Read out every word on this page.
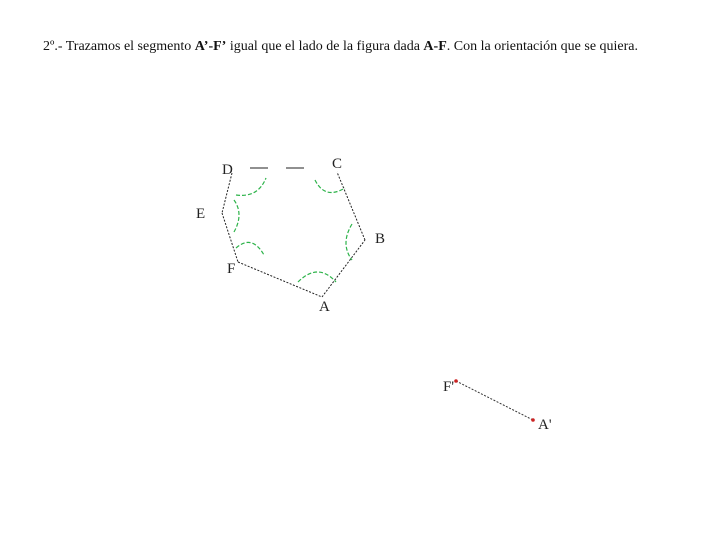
2º.- Trazamos el segmento A’-F’ igual que el lado de la figura dada A-F. Con la orientación que se quiera.
A
B
C
D
E
F
F'
A'
